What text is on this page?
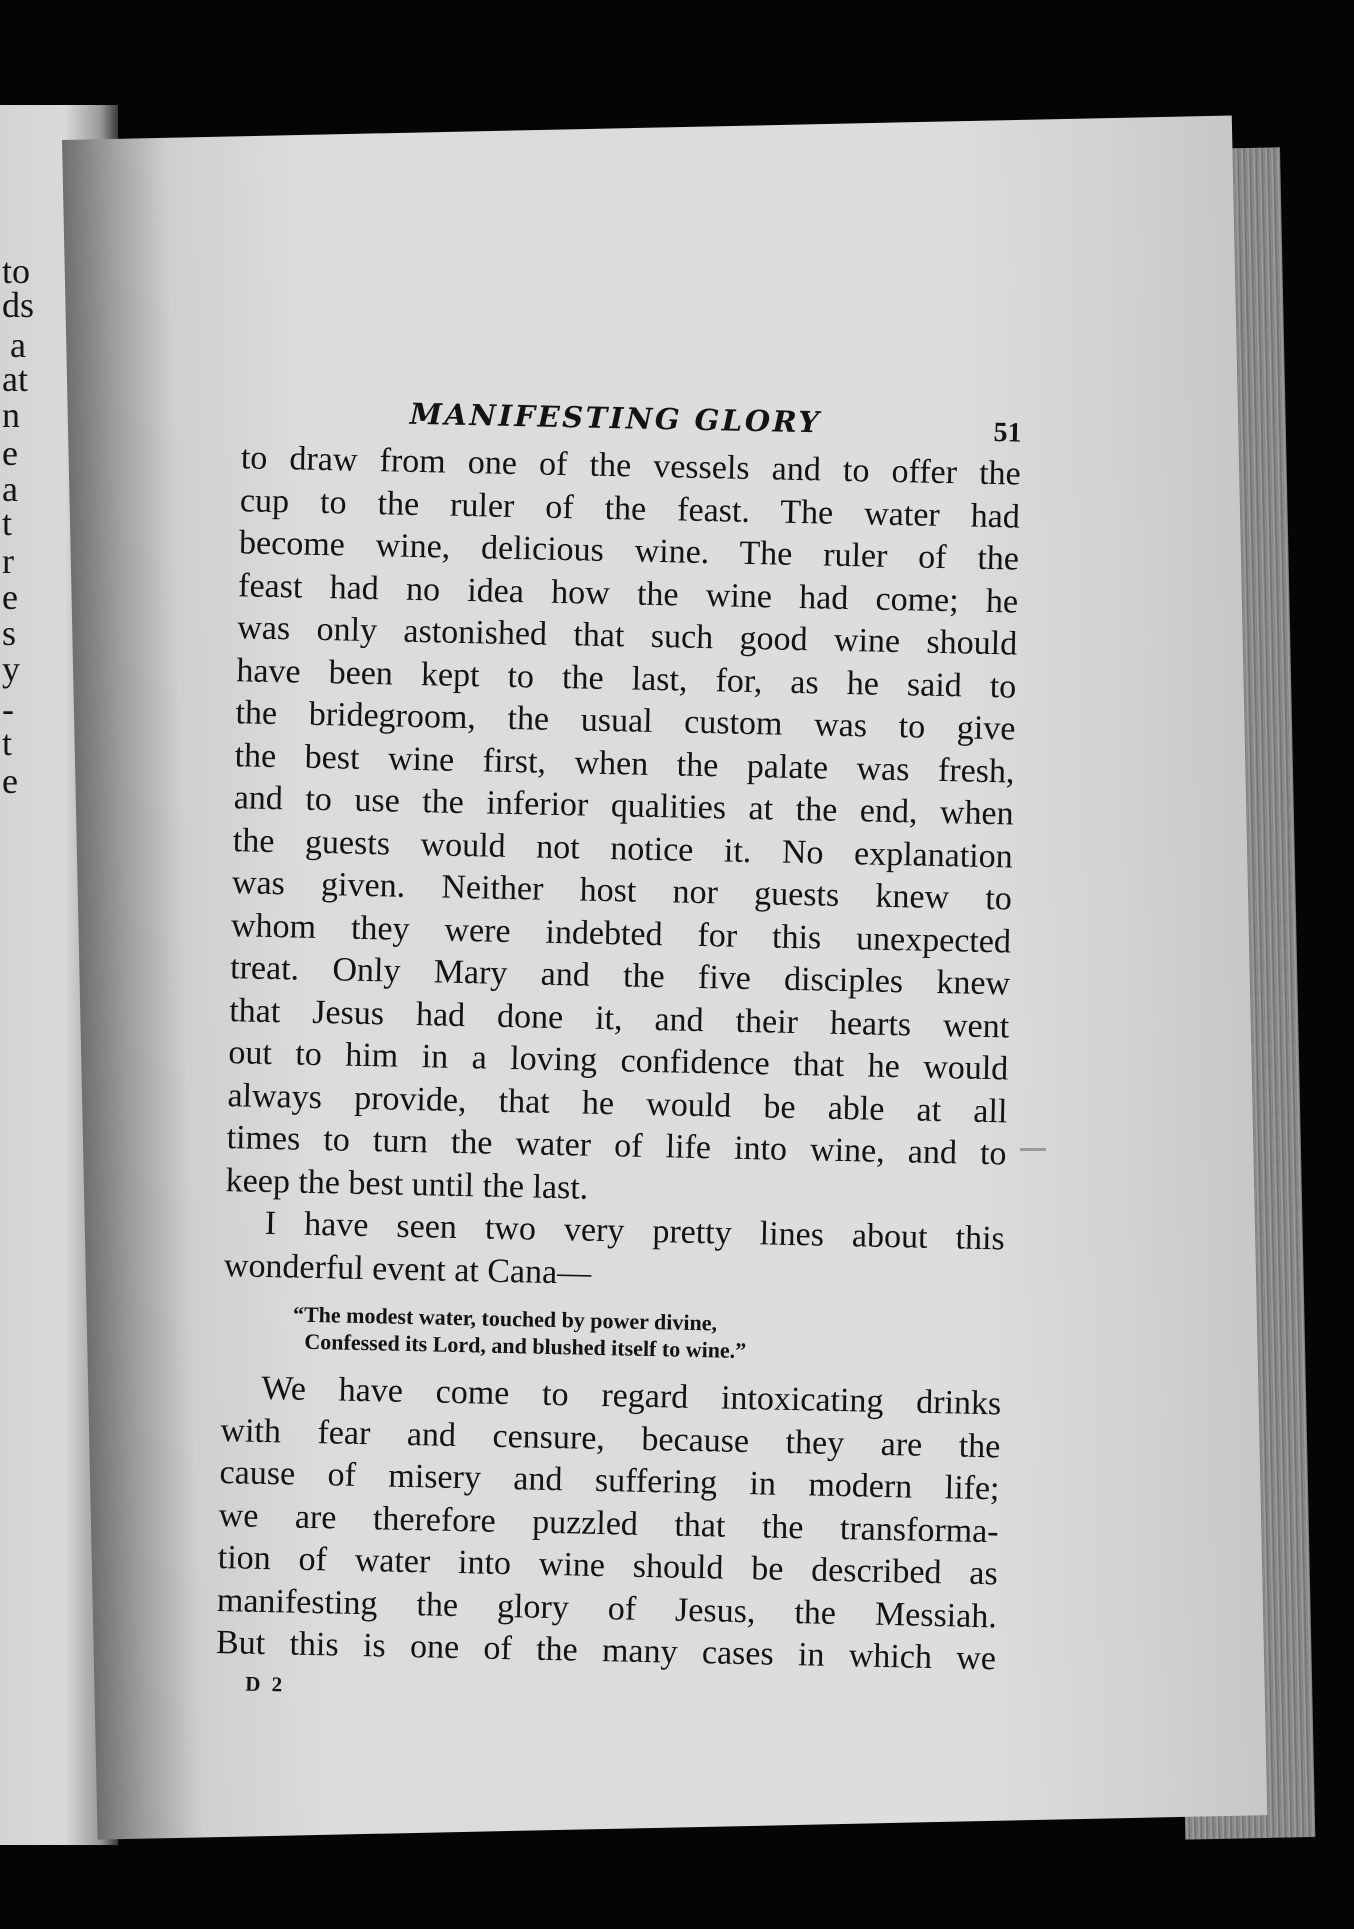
to

ds

a

at

n

e

a

t

r

e

s

y

-

t

e

MANIFESTING GLORY	51

to draw from one of the vessels and to offer the
cup to the ruler of the feast. The water had
become wine, delicious wine. The ruler of the
feast had no idea how the wine had come; he
was only astonished that such good wine should
have been kept to the last, for, as he said to
the bridegroom, the usual custom was to give
the best wine first, when the palate was fresh,
and to use the inferior qualities at the end, when
the guests would not notice it. No explanation
was given. Neither host nor guests knew to
whom they were indebted for this unexpected
treat. Only Mary and the five disciples knew
that Jesus had done it, and their hearts went
out to him in a loving confidence that he would
always provide, that he would be able at all
times to turn the water of life into wine, and to
keep the best until the last.
I have seen two very pretty lines about this
wonderful event at Cana—
“The modest water, touched by power divine,
Confessed its Lord, and blushed itself to wine.”
We have come to regard intoxicating drinks
with fear and censure, because they are the
cause of misery and suffering in modern life;
we are therefore puzzled that the transforma-
tion of water into wine should be described as
manifesting the glory of Jesus, the Messiah.
But this is one of the many cases in which we
D 2
